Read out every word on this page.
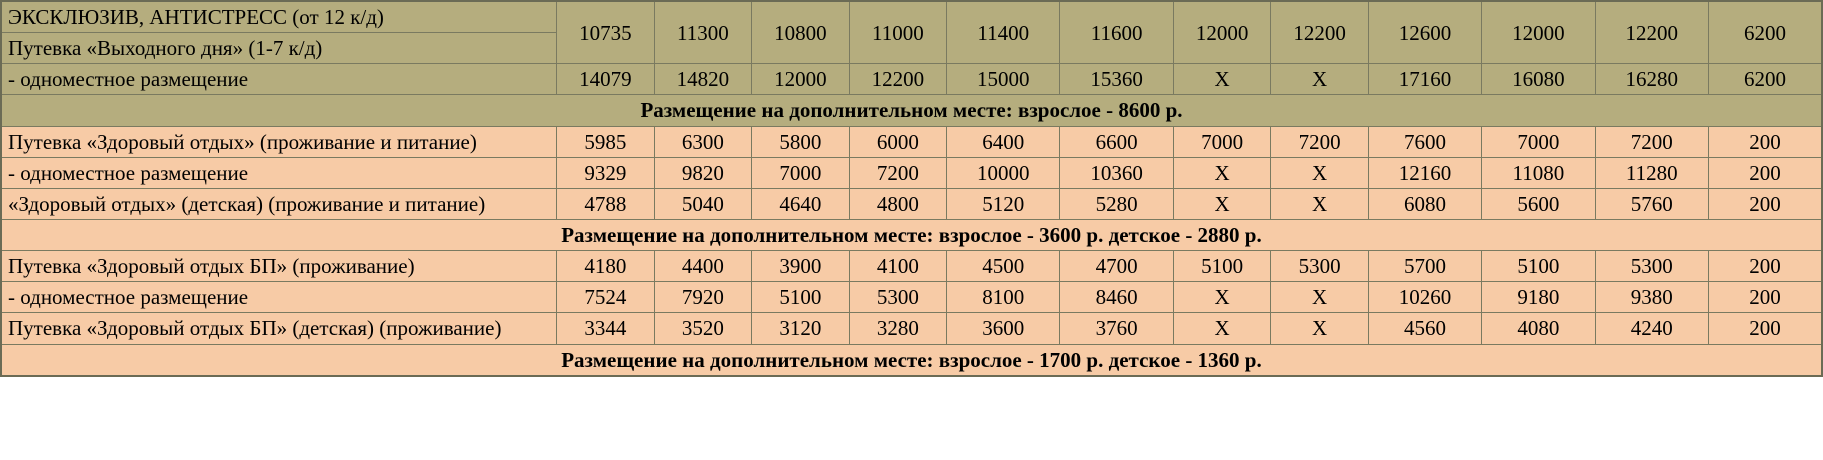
ЭКСКЛЮЗИВ, АНТИСТРЕСС (от 12 к/д)	10735	11300	10800	11000	11400	11600	12000	12200	12600	12000	12200	6200
Путевка «Выходного дня» (1-7 к/д)												
- одноместное размещение	14079	14820	12000	12200	15000	15360	X	X	17160	16080	16280	6200
Размещение на дополнительном месте: взрослое - 8600 р.												
Путевка «Здоровый отдых» (проживание и питание)	5985	6300	5800	6000	6400	6600	7000	7200	7600	7000	7200	200
- одноместное размещение	9329	9820	7000	7200	10000	10360	X	X	12160	11080	11280	200
«Здоровый отдых» (детская) (проживание и питание)	4788	5040	4640	4800	5120	5280	X	X	6080	5600	5760	200
Размещение на дополнительном месте: взрослое - 3600 р. детское - 2880 р.												
Путевка «Здоровый отдых БП» (проживание)	4180	4400	3900	4100	4500	4700	5100	5300	5700	5100	5300	200
- одноместное размещение	7524	7920	5100	5300	8100	8460	X	X	10260	9180	9380	200
Путевка «Здоровый отдых БП» (детская) (проживание)	3344	3520	3120	3280	3600	3760	X	X	4560	4080	4240	200
Размещение на дополнительном месте: взрослое - 1700 р. детское - 1360 р.												
